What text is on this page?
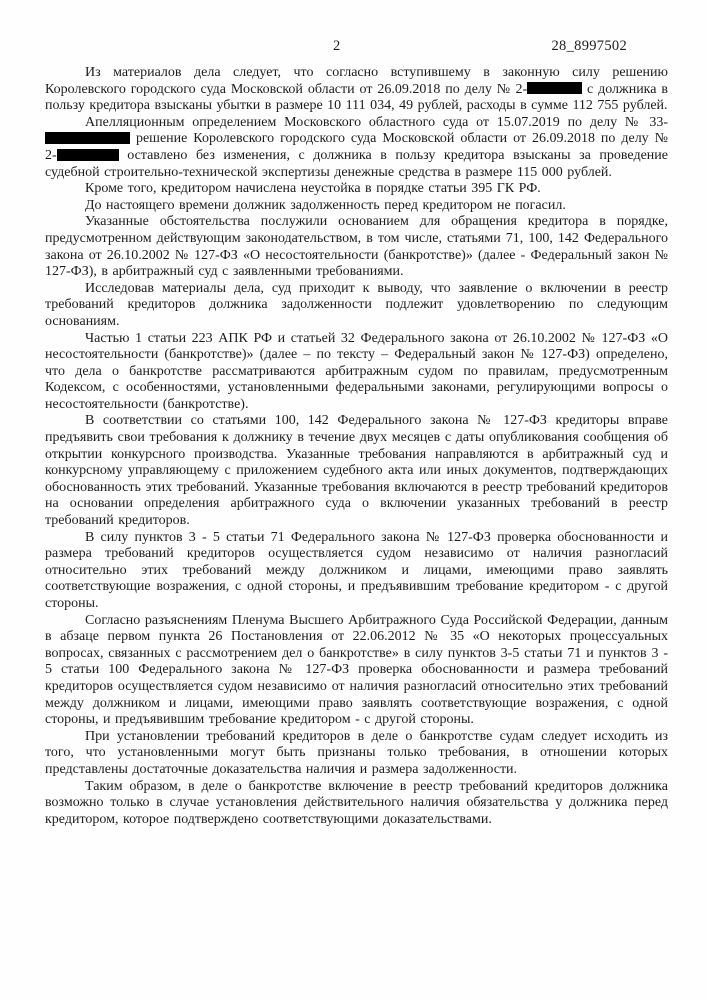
2	28_8997502

Из материалов дела следует, что согласно вступившему в законную силу решению Королевского городского суда Московской области от 26.09.2018 по делу № 2-	с должника в пользу кредитора взысканы убытки в размере 10 111 034, 49 рублей, расходы в сумме 112 755 рублей.

Апелляционным определением Московского областного суда от 15.07.2019 по делу № 33- решение Королевского городского суда Московской области от 26.09.2018 по делу № 2-	оставлено без изменения, с должника в пользу кредитора взысканы за проведение судебной строительно-технической экспертизы денежные средства в размере 115 000 рублей.

Кроме того, кредитором начислена неустойка в порядке статьи 395 ГК РФ.

До настоящего времени должник задолженность перед кредитором не погасил.

Указанные обстоятельства послужили основанием для обращения кредитора в порядке, предусмотренном действующим законодательством, в том числе, статьями 71, 100, 142 Федерального закона от 26.10.2002 № 127-ФЗ «О несостоятельности (банкротстве)» (далее - Федеральный закон № 127-ФЗ), в арбитражный суд с заявленными требованиями.

Исследовав материалы дела, суд приходит к выводу, что заявление о включении в реестр требований кредиторов должника задолженности подлежит удовлетворению по следующим основаниям.

Частью 1 статьи 223 АПК РФ и статьей 32 Федерального закона от 26.10.2002 № 127-ФЗ «О несостоятельности (банкротстве)» (далее – по тексту – Федеральный закон № 127-ФЗ) определено, что дела о банкротстве рассматриваются арбитражным судом по правилам, предусмотренным Кодексом, с особенностями, установленными федеральными законами, регулирующими вопросы о несостоятельности (банкротстве).

В соответствии со статьями 100, 142 Федерального закона № 127-ФЗ кредиторы вправе предъявить свои требования к должнику в течение двух месяцев с даты опубликования сообщения об открытии конкурсного производства. Указанные требования направляются в арбитражный суд и конкурсному управляющему с приложением судебного акта или иных документов, подтверждающих обоснованность этих требований. Указанные требования включаются в реестр требований кредиторов на основании определения арбитражного суда о включении указанных требований в реестр требований кредиторов.

В силу пунктов 3 - 5 статьи 71 Федерального закона № 127-ФЗ проверка обоснованности и размера требований кредиторов осуществляется судом независимо от наличия разногласий относительно этих требований между должником и лицами, имеющими право заявлять соответствующие возражения, с одной стороны, и предъявившим требование кредитором - с другой стороны.

Согласно разъяснениям Пленума Высшего Арбитражного Суда Российской Федерации, данным в абзаце первом пункта 26 Постановления от 22.06.2012 № 35 «О некоторых процессуальных вопросах, связанных с рассмотрением дел о банкротстве» в силу пунктов 3-5 статьи 71 и пунктов 3 - 5 статьи 100 Федерального закона № 127-ФЗ проверка обоснованности и размера требований кредиторов осуществляется судом независимо от наличия разногласий относительно этих требований между должником и лицами, имеющими право заявлять соответствующие возражения, с одной стороны, и предъявившим требование кредитором - с другой стороны.

При установлении требований кредиторов в деле о банкротстве судам следует исходить из того, что установленными могут быть признаны только требования, в отношении которых представлены достаточные доказательства наличия и размера задолженности.

Таким образом, в деле о банкротстве включение в реестр требований кредиторов должника возможно только в случае установления действительного наличия обязательства у должника перед кредитором, которое подтверждено соответствующими доказательствами.
